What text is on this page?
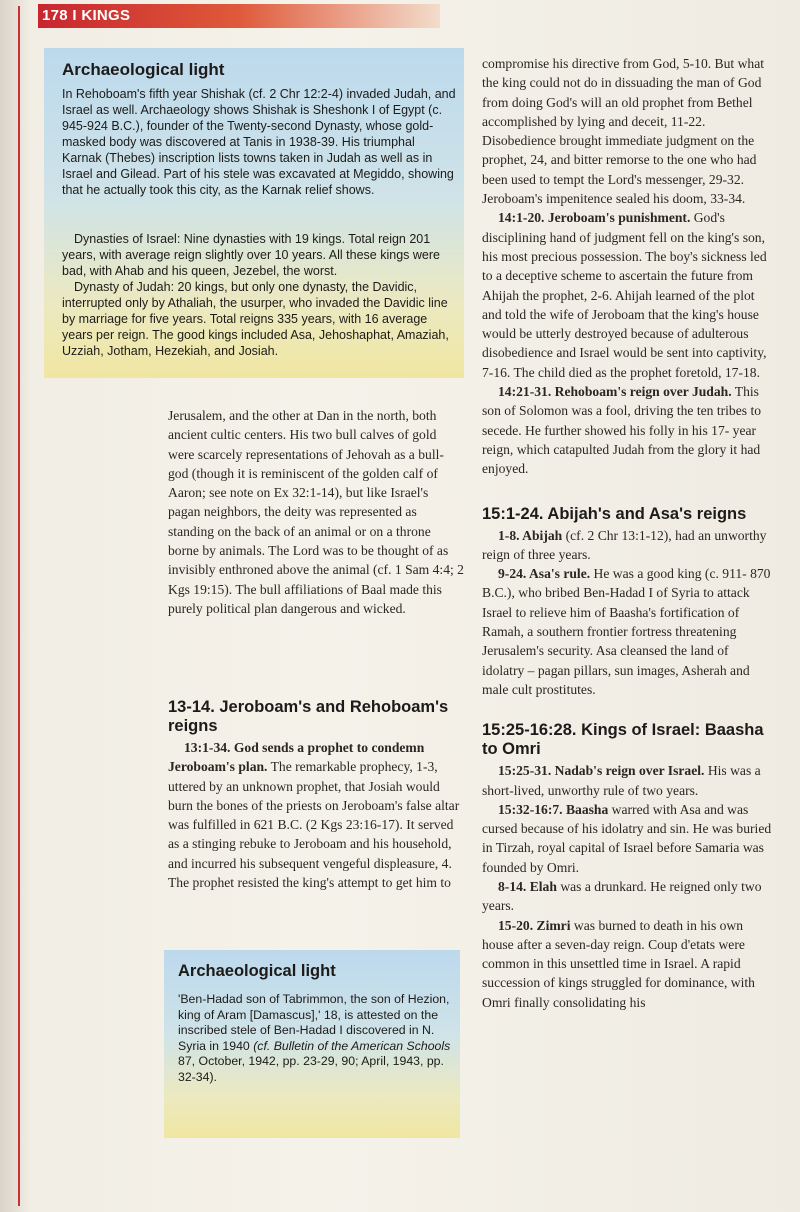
178 I KINGS
Archaeological light

In Rehoboam's fifth year Shishak (cf. 2 Chr 12:2-4) invaded Judah, and Israel as well. Archaeology shows Shishak is Sheshonk I of Egypt (c. 945-924 B.C.), founder of the Twenty-second Dynasty, whose gold-masked body was discovered at Tanis in 1938-39. His triumphal Karnak (Thebes) inscription lists towns taken in Judah as well as in Israel and Gilead. Part of his stele was excavated at Megiddo, showing that he actually took this city, as the Karnak relief shows.

Dynasties of Israel: Nine dynasties with 19 kings. Total reign 201 years, with average reign slightly over 10 years. All these kings were bad, with Ahab and his queen, Jezebel, the worst.

Dynasty of Judah: 20 kings, but only one dynasty, the Davidic, interrupted only by Athaliah, the usurper, who invaded the Davidic line by marriage for five years. Total reigns 335 years, with 16 average years per reign. The good kings included Asa, Jehoshaphat, Amaziah, Uzziah, Jotham, Hezekiah, and Josiah.

Jerusalem, and the other at Dan in the north, both ancient cultic centers. His two bull calves of gold were scarcely representations of Jehovah as a bull-god (though it is reminiscent of the golden calf of Aaron; see note on Ex 32:1-14), but like Israel's pagan neighbors, the deity was represented as standing on the back of an animal or on a throne borne by animals. The Lord was to be thought of as invisibly enthroned above the animal (cf. 1 Sam 4:4; 2 Kgs 19:15). The bull affiliations of Baal made this purely political plan dangerous and wicked.

13-14. Jeroboam's and Rehoboam's reigns

13:1-34. God sends a prophet to condemn Jeroboam's plan. The remarkable prophecy, 1-3, uttered by an unknown prophet, that Josiah would burn the bones of the priests on Jeroboam's false altar was fulfilled in 621 B.C. (2 Kgs 23:16-17). It served as a stinging rebuke to Jeroboam and his household, and incurred his subsequent vengeful displeasure, 4. The prophet resisted the king's attempt to get him to

Archaeological light

'Ben-Hadad son of Tabrimmon, the son of Hezion, king of Aram [Damascus],' 18, is attested on the inscribed stele of Ben-Hadad I discovered in N. Syria in 1940 (cf. Bulletin of the American Schools 87, October, 1942, pp. 23-29, 90; April, 1943, pp. 32-34).

compromise his directive from God, 5-10. But what the king could not do in dissuading the man of God from doing God's will an old prophet from Bethel accomplished by lying and deceit, 11-22. Disobedience brought immediate judgment on the prophet, 24, and bitter remorse to the one who had been used to tempt the Lord's messenger, 29-32. Jeroboam's impenitence sealed his doom, 33-34.

14:1-20. Jeroboam's punishment. God's disciplining hand of judgment fell on the king's son, his most precious possession. The boy's sickness led to a deceptive scheme to ascertain the future from Ahijah the prophet, 2-6. Ahijah learned of the plot and told the wife of Jeroboam that the king's house would be utterly destroyed because of adulterous disobedience and Israel would be sent into captivity, 7-16. The child died as the prophet foretold, 17-18.

14:21-31. Rehoboam's reign over Judah. This son of Solomon was a fool, driving the ten tribes to secede. He further showed his folly in his 17- year reign, which catapulted Judah from the glory it had enjoyed.

15:1-24. Abijah's and Asa's reigns

1-8. Abijah (cf. 2 Chr 13:1-12), had an unworthy reign of three years.

9-24. Asa's rule. He was a good king (c. 911- 870 B.C.), who bribed Ben-Hadad I of Syria to attack Israel to relieve him of Baasha's fortification of Ramah, a southern frontier fortress threatening Jerusalem's security. Asa cleansed the land of idolatry – pagan pillars, sun images, Asherah and male cult prostitutes.

15:25-16:28. Kings of Israel: Baasha to Omri

15:25-31. Nadab's reign over Israel. His was a short-lived, unworthy rule of two years.

15:32-16:7. Baasha warred with Asa and was cursed because of his idolatry and sin. He was buried in Tirzah, royal capital of Israel before Samaria was founded by Omri.

8-14. Elah was a drunkard. He reigned only two years.

15-20. Zimri was burned to death in his own house after a seven-day reign. Coup d'etats were common in this unsettled time in Israel. A rapid succession of kings struggled for dominance, with Omri finally consolidating his
